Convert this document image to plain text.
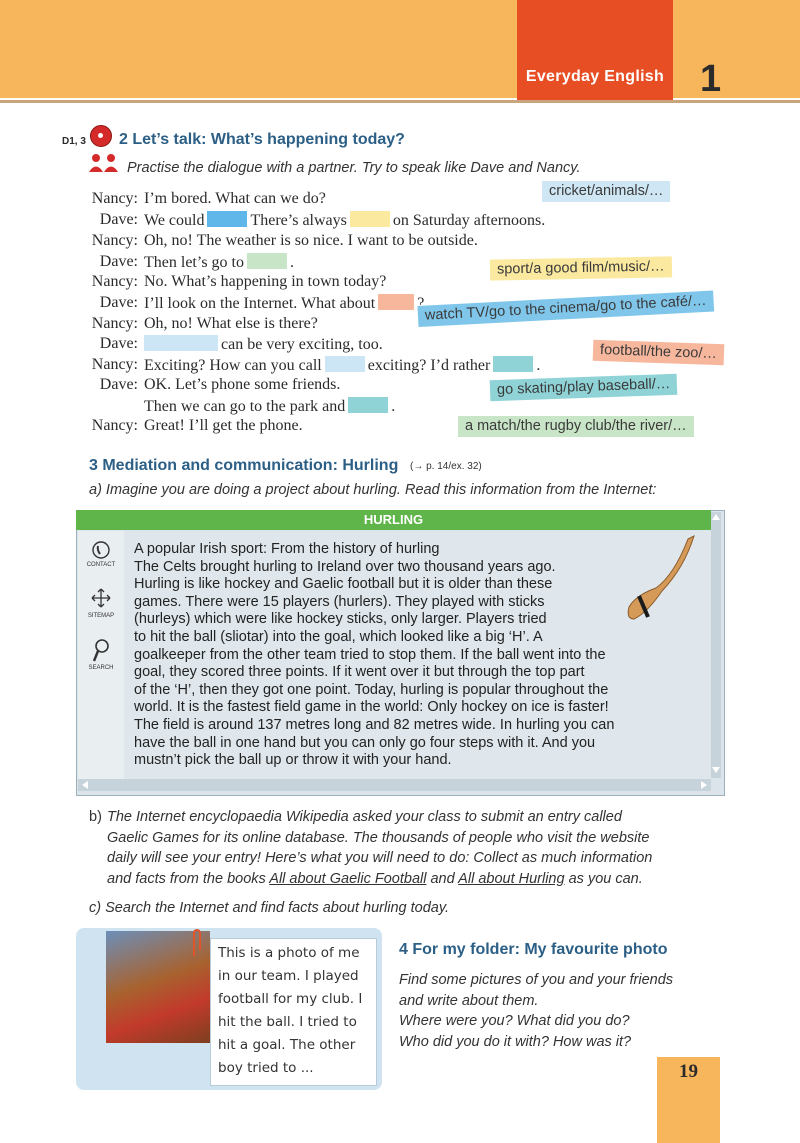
Everyday English 1
D1, 3 2 Let’s talk: What’s happening today?
Practise the dialogue with a partner. Try to speak like Dave and Nancy.
Nancy: I’m bored. What can we do?
Dave: We could	There’s always	on Saturday afternoons.
Nancy: Oh, no! The weather is so nice. I want to be outside.
Dave: Then let’s go to	.
Nancy: No. What’s happening in town today?
Dave: I’ll look on the Internet. What about	?
Nancy: Oh, no! What else is there?
Dave:	can be very exciting, too.
Nancy: Exciting? How can you call	exciting? I’d rather	.
Dave: OK. Let’s phone some friends.
Then we can go to the park and	.
Nancy: Great! I’ll get the phone.
cricket/animals/…
sport/a good film/music/…
watch TV/go to the cinema/go to the café/…
football/the zoo/…
go skating/play baseball/…
a match/the rugby club/the river/…
3 Mediation and communication: Hurling (→ p. 14/ex. 32)
a) Imagine you are doing a project about hurling. Read this information from the Internet:
HURLING
CONTACT
SITEMAP
SEARCH
A popular Irish sport: From the history of hurling
The Celts brought hurling to Ireland over two thousand years ago.
Hurling is like hockey and Gaelic football but it is older than these
games. There were 15 players (hurlers). They played with sticks
(hurleys) which were like hockey sticks, only larger. Players tried
to hit the ball (sliotar) into the goal, which looked like a big ‘H’. A
goalkeeper from the other team tried to stop them. If the ball went into the
goal, they scored three points. If it went over it but through the top part
of the ‘H’, then they got one point. Today, hurling is popular throughout the
world. It is the fastest field game in the world: Only hockey on ice is faster!
The field is around 137 metres long and 82 metres wide. In hurling you can
have the ball in one hand but you can only go four steps with it. And you
mustn’t pick the ball up or throw it with your hand.
b) The Internet encyclopaedia Wikipedia asked your class to submit an entry called
Gaelic Games for its online database. The thousands of people who visit the website
daily will see your entry! Here’s what you will need to do: Collect as much information
and facts from the books All about Gaelic Football and All about Hurling as you can.
c) Search the Internet and find facts about hurling today.
This is a photo of me
in our team. I played
football for my club. I
hit the ball. I tried to
hit a goal. The other
boy tried to ...
4 For my folder: My favourite photo
Find some pictures of you and your friends
and write about them.
Where were you? What did you do?
Who did you do it with? How was it?
19
